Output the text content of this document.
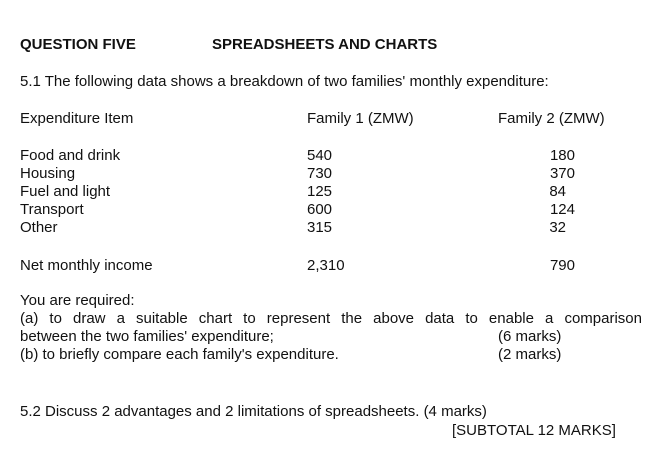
QUESTION FIVE	SPREADSHEETS AND CHARTS
5.1 The following data shows a breakdown of two families' monthly expenditure:
Expenditure Item	Family 1 (ZMW)	Family 2 (ZMW)
Food and drink	540	180
Housing	730	370
Fuel and light	125	84
Transport	600	124
Other	315	32
Net monthly income	2,310	790
You are required:
(a) to draw a suitable chart to represent the above data to enable a comparison
between the two families' expenditure;	(6 marks)
(b) to briefly compare each family's expenditure.	(2 marks)
5.2 Discuss 2 advantages and 2 limitations of spreadsheets. (4 marks)
[SUBTOTAL 12 MARKS]
